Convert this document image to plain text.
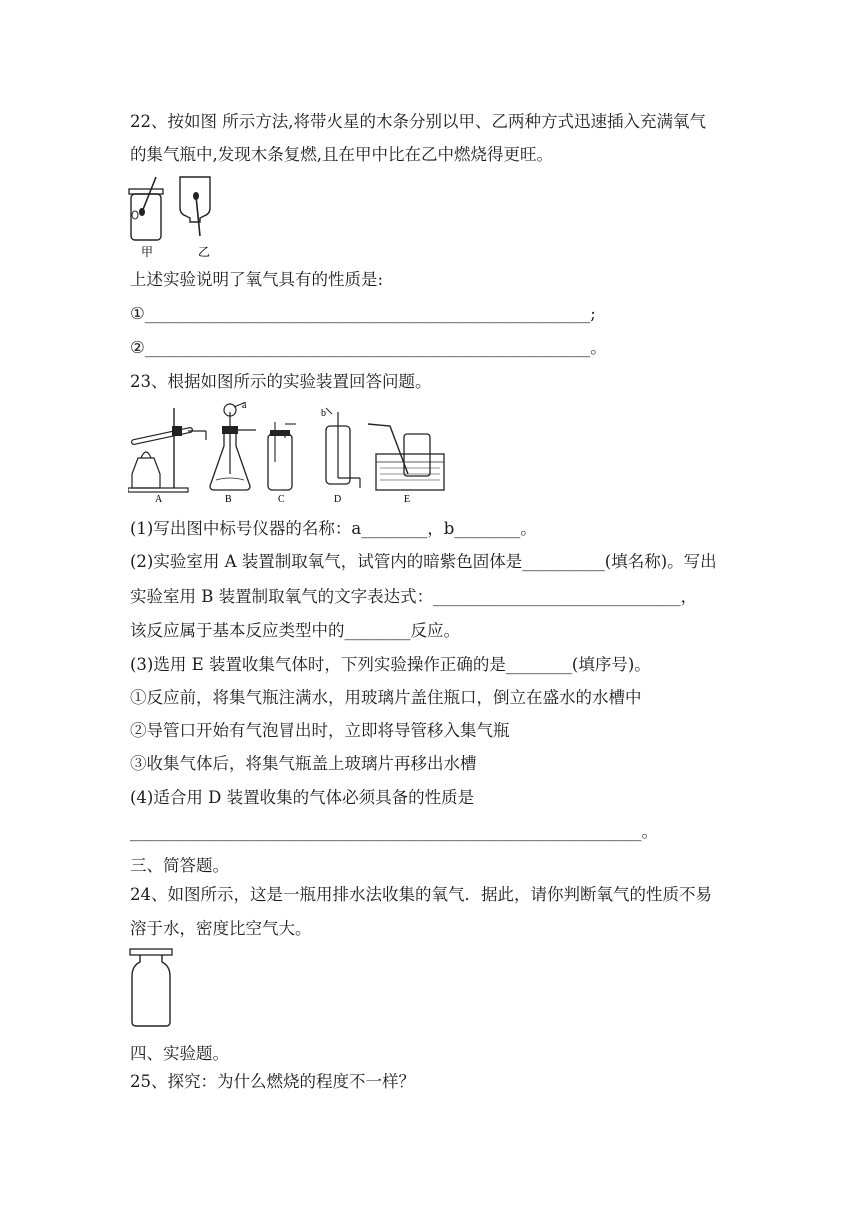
22、按如图 所示方法,将带火星的木条分别以甲、乙两种方式迅速插入充满氧气
的集气瓶中,发现木条复燃,且在甲中比在乙中燃烧得更旺。
甲	乙
上述实验说明了氧气具有的性质是:
①______________________________________________________;
②______________________________________________________。
23、根据如图所示的实验装置回答问题。
a
b
A	B	C	D	E
(1)写出图中标号仪器的名称：a________，b________。
(2)实验室用 A 装置制取氧气，试管内的暗紫色固体是__________(填名称)。写出
实验室用 B 装置制取氧气的文字表达式：______________________________，
该反应属于基本反应类型中的________反应。
(3)选用 E 装置收集气体时，下列实验操作正确的是________(填序号)。
①反应前，将集气瓶注满水，用玻璃片盖住瓶口，倒立在盛水的水槽中
②导管口开始有气泡冒出时，立即将导管移入集气瓶
③收集气体后，将集气瓶盖上玻璃片再移出水槽
(4)适合用 D 装置收集的气体必须具备的性质是
______________________________________________________________。
三、简答题。
24、如图所示，这是一瓶用排水法收集的氧气．据此，请你判断氧气的性质不易
溶于水，密度比空气大。
四、实验题。
25、探究：为什么燃烧的程度不一样？
